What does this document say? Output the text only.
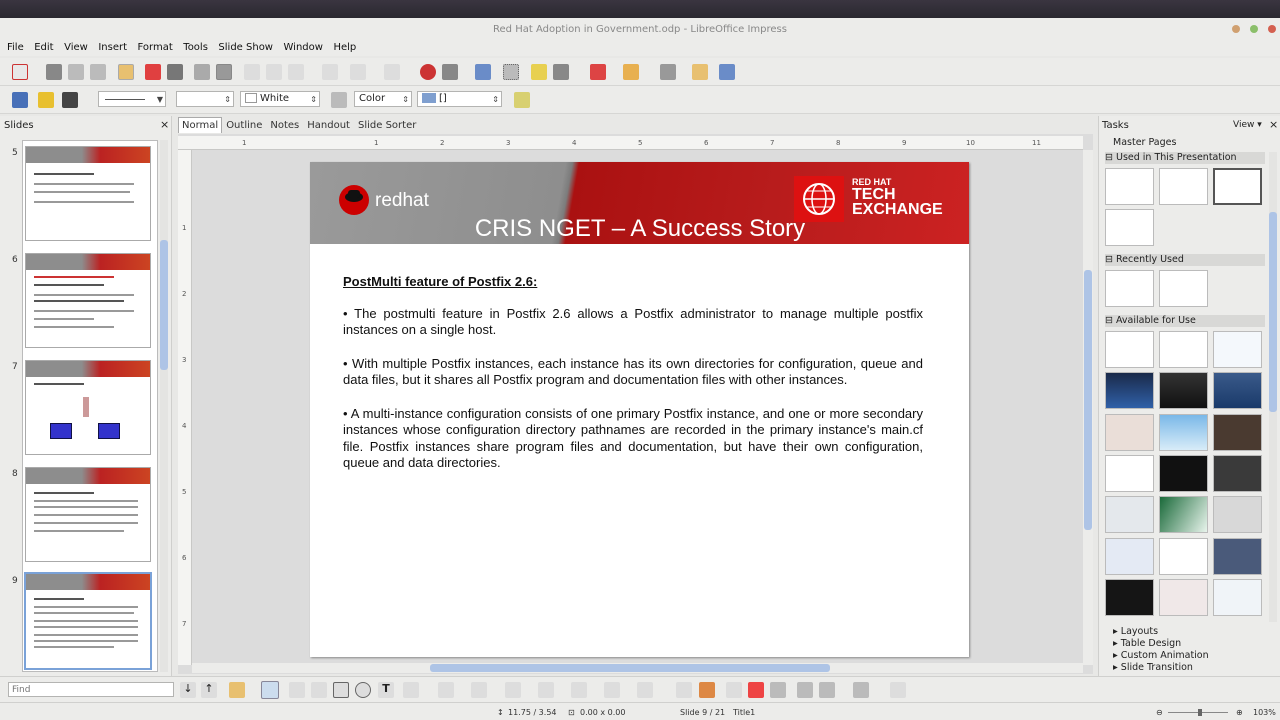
Red Hat Adoption in Government.odp - LibreOffice Impress
File Edit View Insert Format Tools Slide Show Window Help
▼	⇕	White	⇕	Color ⇕	[]	⇕
Slides	×
5
6
7
8
9
Normal Outline Notes Handout Slide Sorter
1	1	2	3	4	5	6	7	8	9	10	11
1
2
3
4
5
6
7
redhat
RED HAT
TECH
EXCHANGE
CRIS NGET – A Success Story
PostMulti feature of Postfix 2.6:

• The postmulti feature in Postfix 2.6 allows a Postfix administrator to manage multiple postfix instances on a single host.

• With multiple Postfix instances, each instance has its own directories for configuration, queue and data files, but it shares all Postfix program and documentation files with other instances.

• A multi-instance configuration consists of one primary Postfix instance, and one or more secondary instances whose configuration directory pathnames are recorded in the primary instance's main.cf file. Postfix instances share program files and documentation, but have their own configuration, queue and data directories.

Tasks	View ▾ ×
Master Pages
⊟ Used in This Presentation
⊟ Recently Used
⊟ Available for Use
▸ Layouts
▸ Table Design
▸ Custom Animation
▸ Slide Transition
Find
↓	↑	T
↕ 11.75 / 3.54 ⊡ 0.00 x 0.00	Slide 9 / 21 Title1	⊖	⊕ 103%
